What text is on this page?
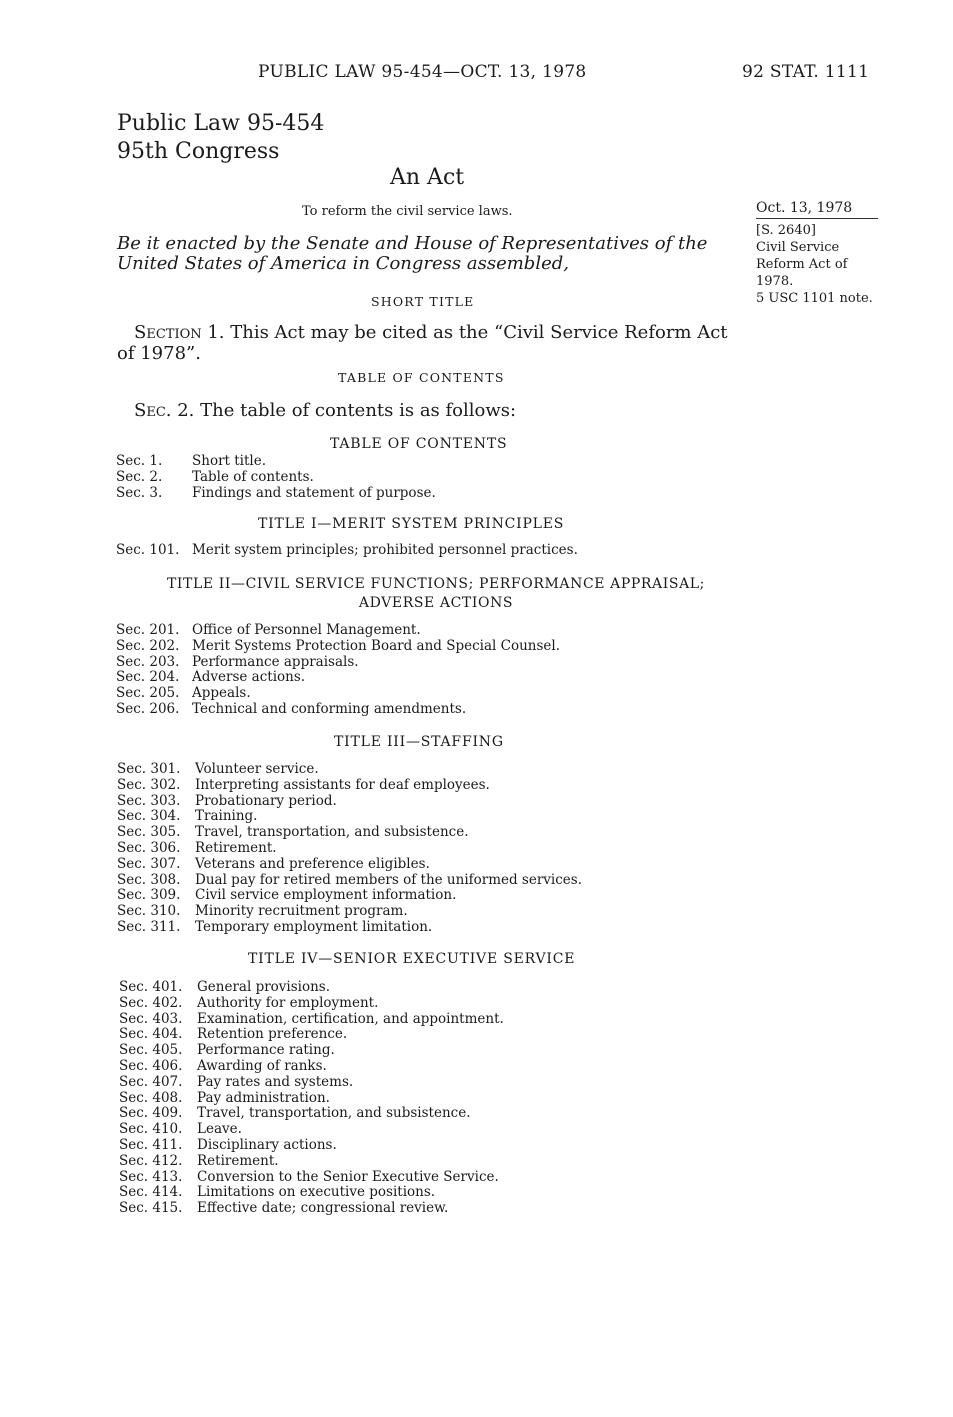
PUBLIC LAW 95-454—OCT. 13, 1978	92 STAT. 1111
Public Law 95-454
95th Congress
An Act
To reform the civil service laws.	Oct. 13, 1978
[S. 2640]
Civil Service
Reform Act of
1978.
5 USC 1101 note.
Be it enacted by the Senate and House of Representatives of the United States of America in Congress assembled,
SHORT TITLE
Section 1. This Act may be cited as the “Civil Service Reform Act of 1978”.
TABLE OF CONTENTS
Sec. 2. The table of contents is as follows:
TABLE OF CONTENTS
Sec. 1. Short title.
Sec. 2. Table of contents.
Sec. 3. Findings and statement of purpose.
TITLE I—MERIT SYSTEM PRINCIPLES
Sec. 101. Merit system principles; prohibited personnel practices.
TITLE II—CIVIL SERVICE FUNCTIONS; PERFORMANCE APPRAISAL;
ADVERSE ACTIONS
Sec. 201. Office of Personnel Management.
Sec. 202. Merit Systems Protection Board and Special Counsel.
Sec. 203. Performance appraisals.
Sec. 204. Adverse actions.
Sec. 205. Appeals.
Sec. 206. Technical and conforming amendments.
TITLE III—STAFFING
Sec. 301. Volunteer service.
Sec. 302. Interpreting assistants for deaf employees.
Sec. 303. Probationary period.
Sec. 304. Training.
Sec. 305. Travel, transportation, and subsistence.
Sec. 306. Retirement.
Sec. 307. Veterans and preference eligibles.
Sec. 308. Dual pay for retired members of the uniformed services.
Sec. 309. Civil service employment information.
Sec. 310. Minority recruitment program.
Sec. 311. Temporary employment limitation.
TITLE IV—SENIOR EXECUTIVE SERVICE
Sec. 401. General provisions.
Sec. 402. Authority for employment.
Sec. 403. Examination, certification, and appointment.
Sec. 404. Retention preference.
Sec. 405. Performance rating.
Sec. 406. Awarding of ranks.
Sec. 407. Pay rates and systems.
Sec. 408. Pay administration.
Sec. 409. Travel, transportation, and subsistence.
Sec. 410. Leave.
Sec. 411. Disciplinary actions.
Sec. 412. Retirement.
Sec. 413. Conversion to the Senior Executive Service.
Sec. 414. Limitations on executive positions.
Sec. 415. Effective date; congressional review.
